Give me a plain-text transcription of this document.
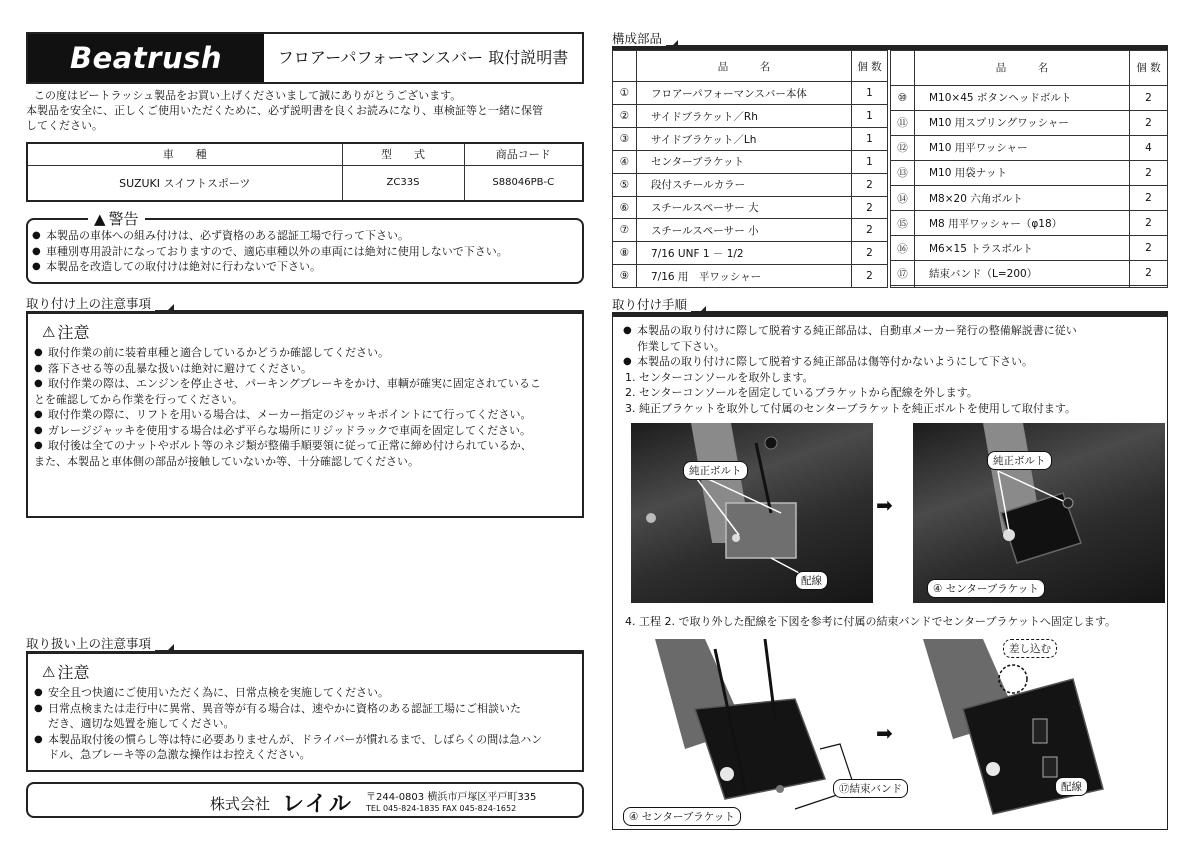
Beatrush	フロアーパフォーマンスバー 取付説明書
この度はビートラッシュ製品をお買い上げくださいまして誠にありがとうございます。
本製品を安全に、正しくご使用いただくために、必ず説明書を良くお読みになり、車検証等と一緒に保管
してください。
車　　種	型　　式	商品コード
SUZUKI スイフトスポーツ	ZC33S	S88046PB-C
▲ 警告
● 本製品の車体への組み付けは、必ず資格のある認証工場で行って下さい。
● 車種別専用設計になっておりますので、適応車種以外の車両には絶対に使用しないで下さい。
● 本製品を改造しての取付けは絶対に行わないで下さい。
取り付け上の注意事項
⚠ 注意
● 取付作業の前に装着車種と適合しているかどうか確認してください。
● 落下させる等の乱暴な扱いは絶対に避けてください。
● 取付作業の際は、エンジンを停止させ、パーキングブレーキをかけ、車輌が確実に固定されているこ
とを確認してから作業を行ってください。
● 取付作業の際に、リフトを用いる場合は、メーカー指定のジャッキポイントにて行ってください。
● ガレージジャッキを使用する場合は必ず平らな場所にリジッドラックで車両を固定してください。
● 取付後は全てのナットやボルト等のネジ類が整備手順要領に従って正常に締め付けられているか、
また、本製品と車体側の部品が接触していないか等、十分確認してください。
取り扱い上の注意事項
⚠ 注意
● 安全且つ快適にご使用いただく為に、日常点検を実施してください。
● 日常点検または走行中に異常、異音等が有る場合は、速やかに資格のある認証工場にご相談いた
だき、適切な処置を施してください。
● 本製品取付後の慣らし等は特に必要ありませんが、ドライバーが慣れるまで、しばらくの間は急ハン
ドル、急ブレーキ等の急激な操作はお控えください。
株式会社 レイル 〒244-0803 横浜市戸塚区平戸町335
TEL 045-824-1835 FAX 045-824-1652
構成部品
	品　　　名	個 数
①	フロアーパフォーマンスバー本体	1
②	サイドブラケット／Rh	1
③	サイドブラケット／Lh	1
④	センターブラケット	1
⑤	段付スチールカラー	2
⑥	スチールスペーサー 大	2
⑦	スチールスペーサー 小	2
⑧	7/16 UNF 1 － 1/2	2
⑨	7/16 用　平ワッシャー	2
	品　　　名	個 数
⑩	M10×45 ボタンヘッドボルト	2
⑪	M10 用スプリングワッシャー	2
⑫	M10 用平ワッシャー	4
⑬	M10 用袋ナット	2
⑭	M8×20 六角ボルト	2
⑮	M8 用平ワッシャー（φ18）	2
⑯	M6×15 トラスボルト	2
⑰	結束バンド（L=200）	2

取り付け手順
● 本製品の取り付けに際して脱着する純正部品は、自動車メーカー発行の整備解説書に従い
作業して下さい。
● 本製品の取り付けに際して脱着する純正部品は傷等付かないようにして下さい。
1. センターコンソールを取外します。
2. センターコンソールを固定しているブラケットから配線を外します。
3. 純正ブラケットを取外して付属のセンターブラケットを純正ボルトを使用して取付ます。
純正ボルト
配線
➡
純正ボルト
④ センターブラケット
4. 工程 2. で取り外した配線を下図を参考に付属の結束バンドでセンターブラケットへ固定します。
⑰結束バンド
④ センターブラケット
➡
差し込む
配線
